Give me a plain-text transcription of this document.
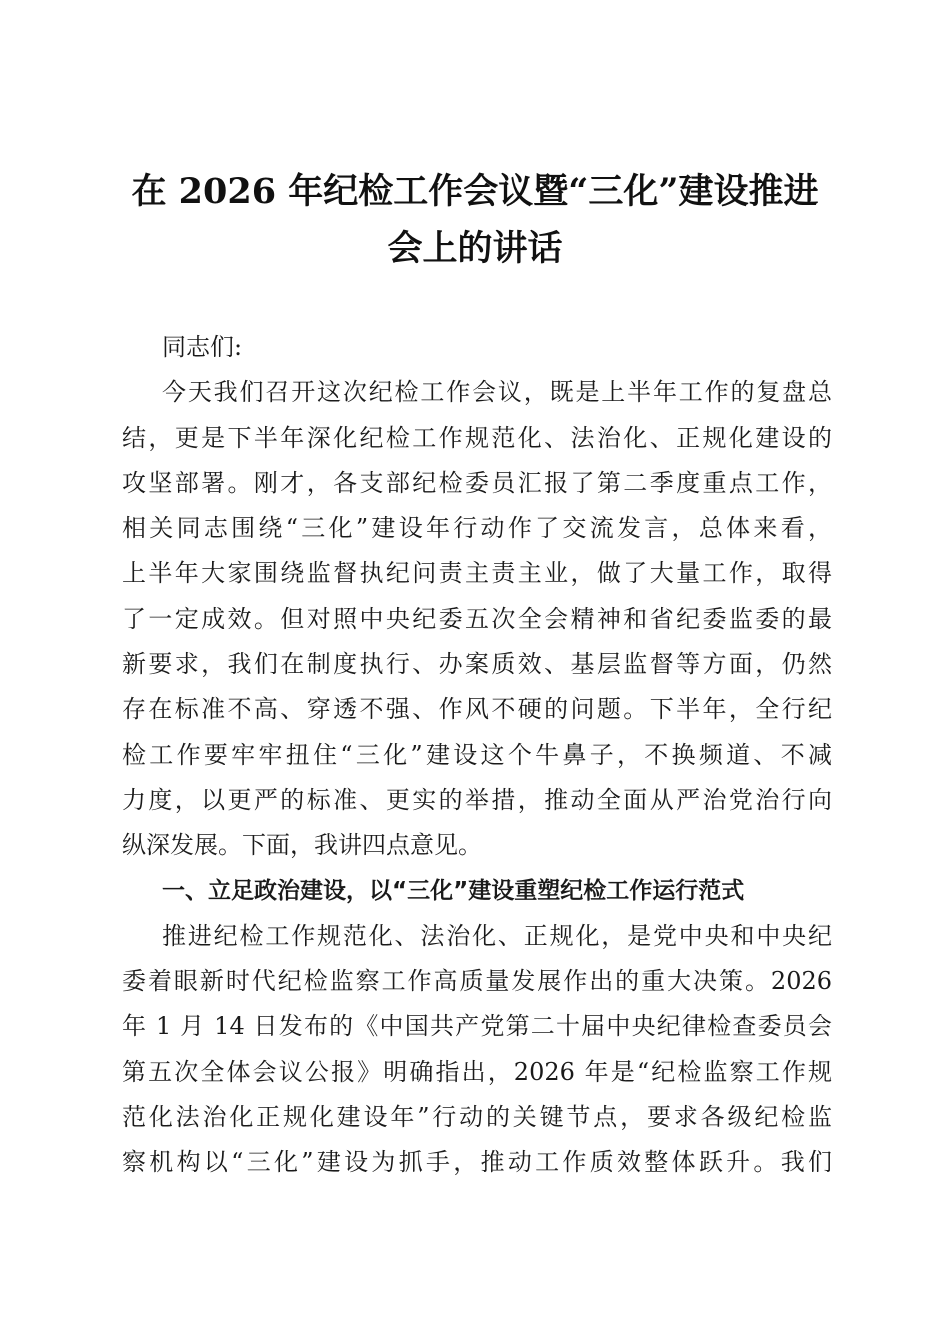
在 2026 年纪检工作会议暨“三化”建设推进
会上的讲话
同志们:
今天我们召开这次纪检工作会议，既是上半年工作的复盘总
结，更是下半年深化纪检工作规范化、法治化、正规化建设的
攻坚部署。刚才，各支部纪检委员汇报了第二季度重点工作，
相关同志围绕“三化”建设年行动作了交流发言，总体来看，
上半年大家围绕监督执纪问责主责主业，做了大量工作，取得
了一定成效。但对照中央纪委五次全会精神和省纪委监委的最
新要求，我们在制度执行、办案质效、基层监督等方面，仍然
存在标准不高、穿透不强、作风不硬的问题。下半年，全行纪
检工作要牢牢扭住“三化”建设这个牛鼻子，不换频道、不减
力度，以更严的标准、更实的举措，推动全面从严治党治行向
纵深发展。下面，我讲四点意见。
一、立足政治建设，以“三化”建设重塑纪检工作运行范式
推进纪检工作规范化、法治化、正规化，是党中央和中央纪
委着眼新时代纪检监察工作高质量发展作出的重大决策。2026
年 1 月 14 日发布的《中国共产党第二十届中央纪律检查委员会
第五次全体会议公报》明确指出，2026 年是“纪检监察工作规
范化法治化正规化建设年”行动的关键节点，要求各级纪检监
察机构以“三化”建设为抓手，推动工作质效整体跃升。我们
